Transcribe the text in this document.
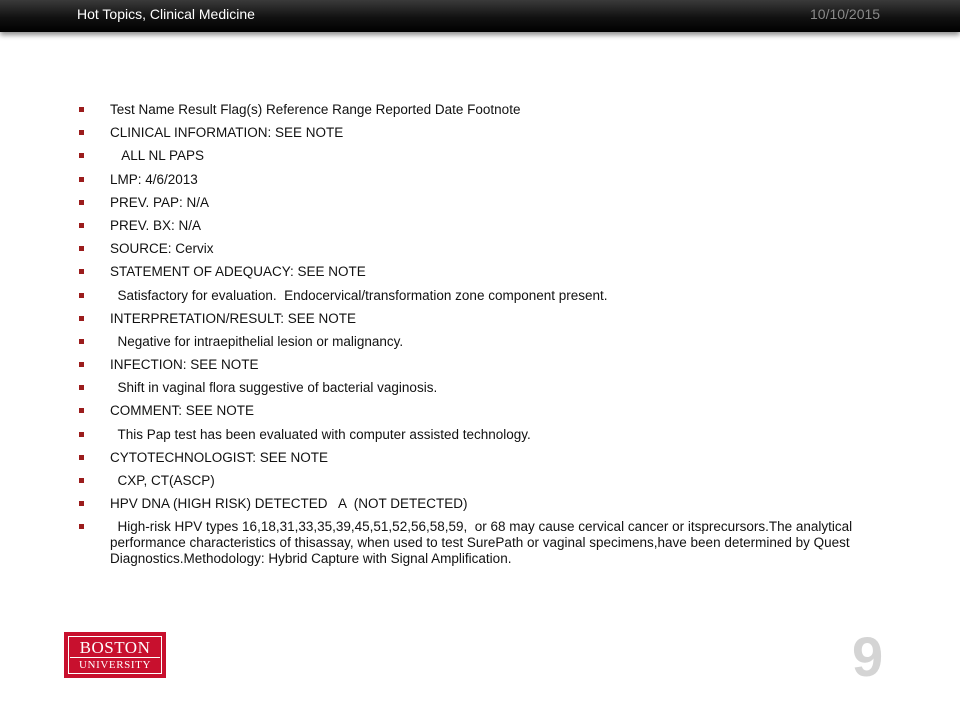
Hot Topics, Clinical Medicine	10/10/2015
Test Name Result Flag(s) Reference Range Reported Date Footnote
CLINICAL INFORMATION: SEE NOTE
ALL NL PAPS
LMP: 4/6/2013
PREV. PAP: N/A
PREV. BX: N/A
SOURCE: Cervix
STATEMENT OF ADEQUACY: SEE NOTE
Satisfactory for evaluation.  Endocervical/transformation zone component present.
INTERPRETATION/RESULT: SEE NOTE
Negative for intraepithelial lesion or malignancy.
INFECTION: SEE NOTE
Shift in vaginal flora suggestive of bacterial vaginosis.
COMMENT: SEE NOTE
This Pap test has been evaluated with computer assisted technology.
CYTOTECHNOLOGIST: SEE NOTE
CXP, CT(ASCP)
HPV DNA (HIGH RISK) DETECTED   A  (NOT DETECTED)
High-risk HPV types 16,18,31,33,35,39,45,51,52,56,58,59,  or 68 may cause cervical cancer or itsprecursors.The analytical performance characteristics of thisassay, when used to test SurePath or vaginal specimens,have been determined by Quest Diagnostics.Methodology: Hybrid Capture with Signal Amplification.
BOSTON
UNIVERSITY	9
